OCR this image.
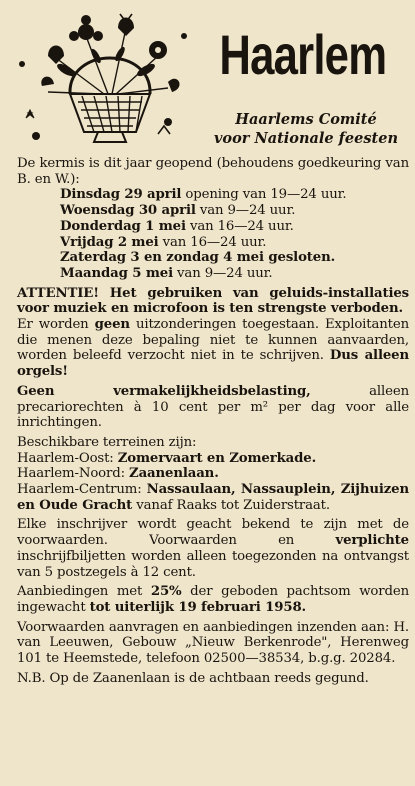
Haarlem
Haarlems Comité
voor Nationale feesten

De kermis is dit jaar geopend (behoudens goedkeuring van B. en W.):

Dinsdag 29 april opening van 19—24 uur.
Woensdag 30 april van 9—24 uur.
Donderdag 1 mei van 16—24 uur.
Vrijdag 2 mei van 16—24 uur.
Zaterdag 3 en zondag 4 mei gesloten.
Maandag 5 mei van 9—24 uur.

ATTENTIE! Het gebruiken van geluids-installaties voor muziek en microfoon is ten strengste verboden.
Er worden geen uitzonderingen toegestaan. Exploitanten die menen deze bepaling niet te kunnen aanvaarden, worden beleefd verzocht niet in te schrijven. Dus alleen orgels!

Geen vermakelijkheidsbelasting, alleen precariorechten à 10 cent per m² per dag voor alle inrichtingen.

Beschikbare terreinen zijn:
Haarlem-Oost: Zomervaart en Zomerkade.
Haarlem-Noord: Zaanenlaan.
Haarlem-Centrum: Nassaulaan, Nassauplein, Zijhuizen en Oude Gracht vanaf Raaks tot Zuiderstraat.

Elke inschrijver wordt geacht bekend te zijn met de voorwaarden. Voorwaarden en verplichte inschrijfbiljetten worden alleen toegezonden na ontvangst van 5 postzegels à 12 cent.

Aanbiedingen met 25% der geboden pachtsom worden ingewacht tot uiterlijk 19 februari 1958.

Voorwaarden aanvragen en aanbiedingen inzenden aan: H. van Leeuwen, Gebouw „Nieuw Berkenrode", Herenweg 101 te Heemstede, telefoon 02500—38534, b.g.g. 20284.

N.B. Op de Zaanenlaan is de achtbaan reeds gegund.
